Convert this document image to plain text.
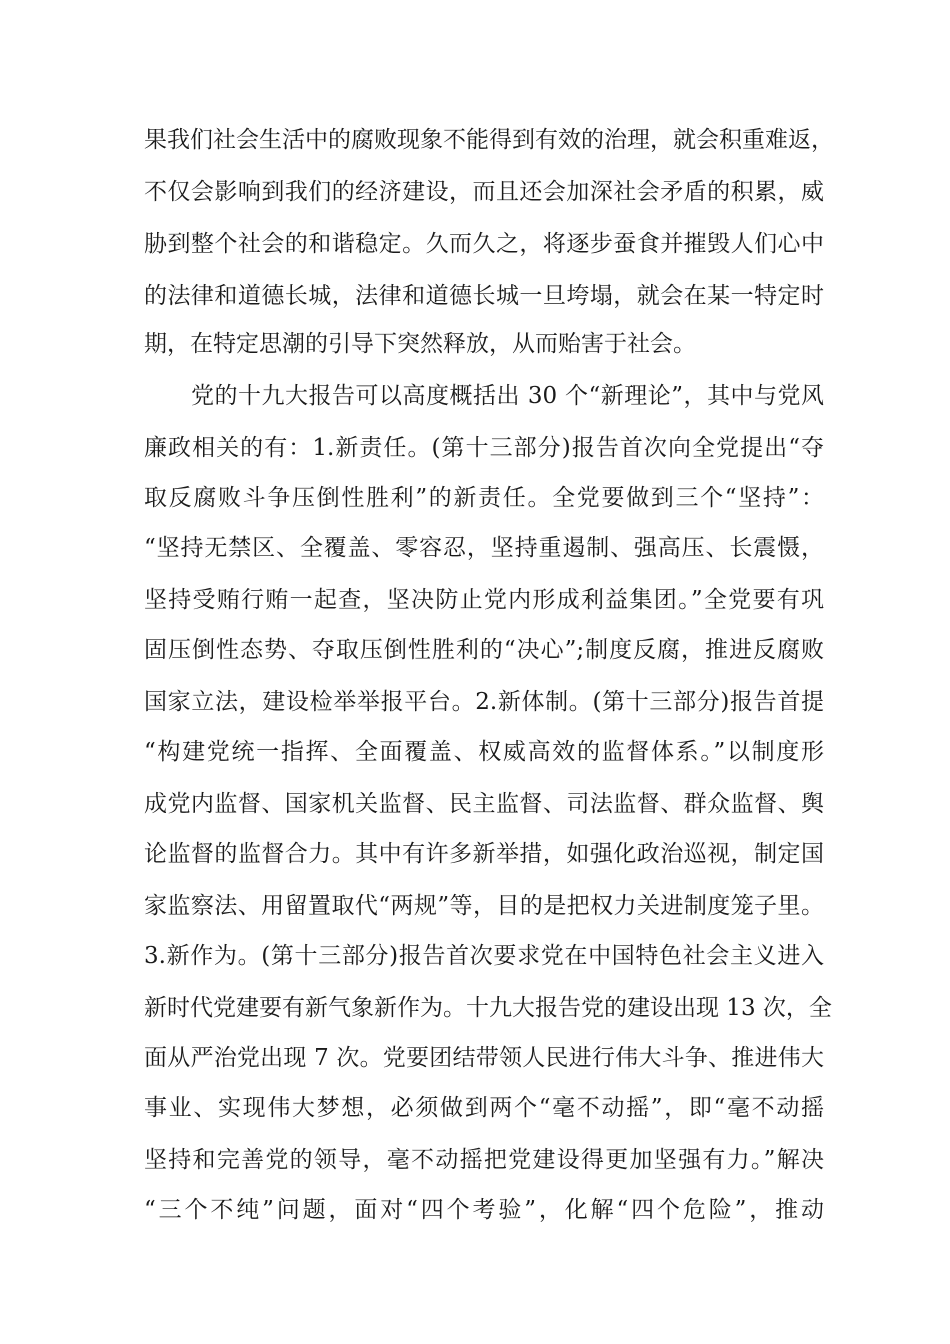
果我们社会生活中的腐败现象不能得到有效的治理，就会积重难返，
不仅会影响到我们的经济建设，而且还会加深社会矛盾的积累，威
胁到整个社会的和谐稳定。久而久之，将逐步蚕食并摧毁人们心中
的法律和道德长城，法律和道德长城一旦垮塌，就会在某一特定时
期，在特定思潮的引导下突然释放，从而贻害于社会。
　　党的十九大报告可以高度概括出 30 个“新理论”，其中与党风
廉政相关的有：1.新责任。(第十三部分)报告首次向全党提出“夺
取反腐败斗争压倒性胜利”的新责任。全党要做到三个“坚持”：
“坚持无禁区、全覆盖、零容忍，坚持重遏制、强高压、长震慑，
坚持受贿行贿一起查，坚决防止党内形成利益集团。”全党要有巩
固压倒性态势、夺取压倒性胜利的“决心”;制度反腐，推进反腐败
国家立法，建设检举举报平台。2.新体制。(第十三部分)报告首提
“构建党统一指挥、全面覆盖、权威高效的监督体系。”以制度形
成党内监督、国家机关监督、民主监督、司法监督、群众监督、舆
论监督的监督合力。其中有许多新举措，如强化政治巡视，制定国
家监察法、用留置取代“两规”等，目的是把权力关进制度笼子里。
3.新作为。(第十三部分)报告首次要求党在中国特色社会主义进入
新时代党建要有新气象新作为。十九大报告党的建设出现 13 次，全
面从严治党出现 7 次。党要团结带领人民进行伟大斗争、推进伟大
事业、实现伟大梦想，必须做到两个“毫不动摇”，即“毫不动摇
坚持和完善党的领导，毫不动摇把党建设得更加坚强有力。”解决
“三个不纯”问题，面对“四个考验”，化解“四个危险”，推动
